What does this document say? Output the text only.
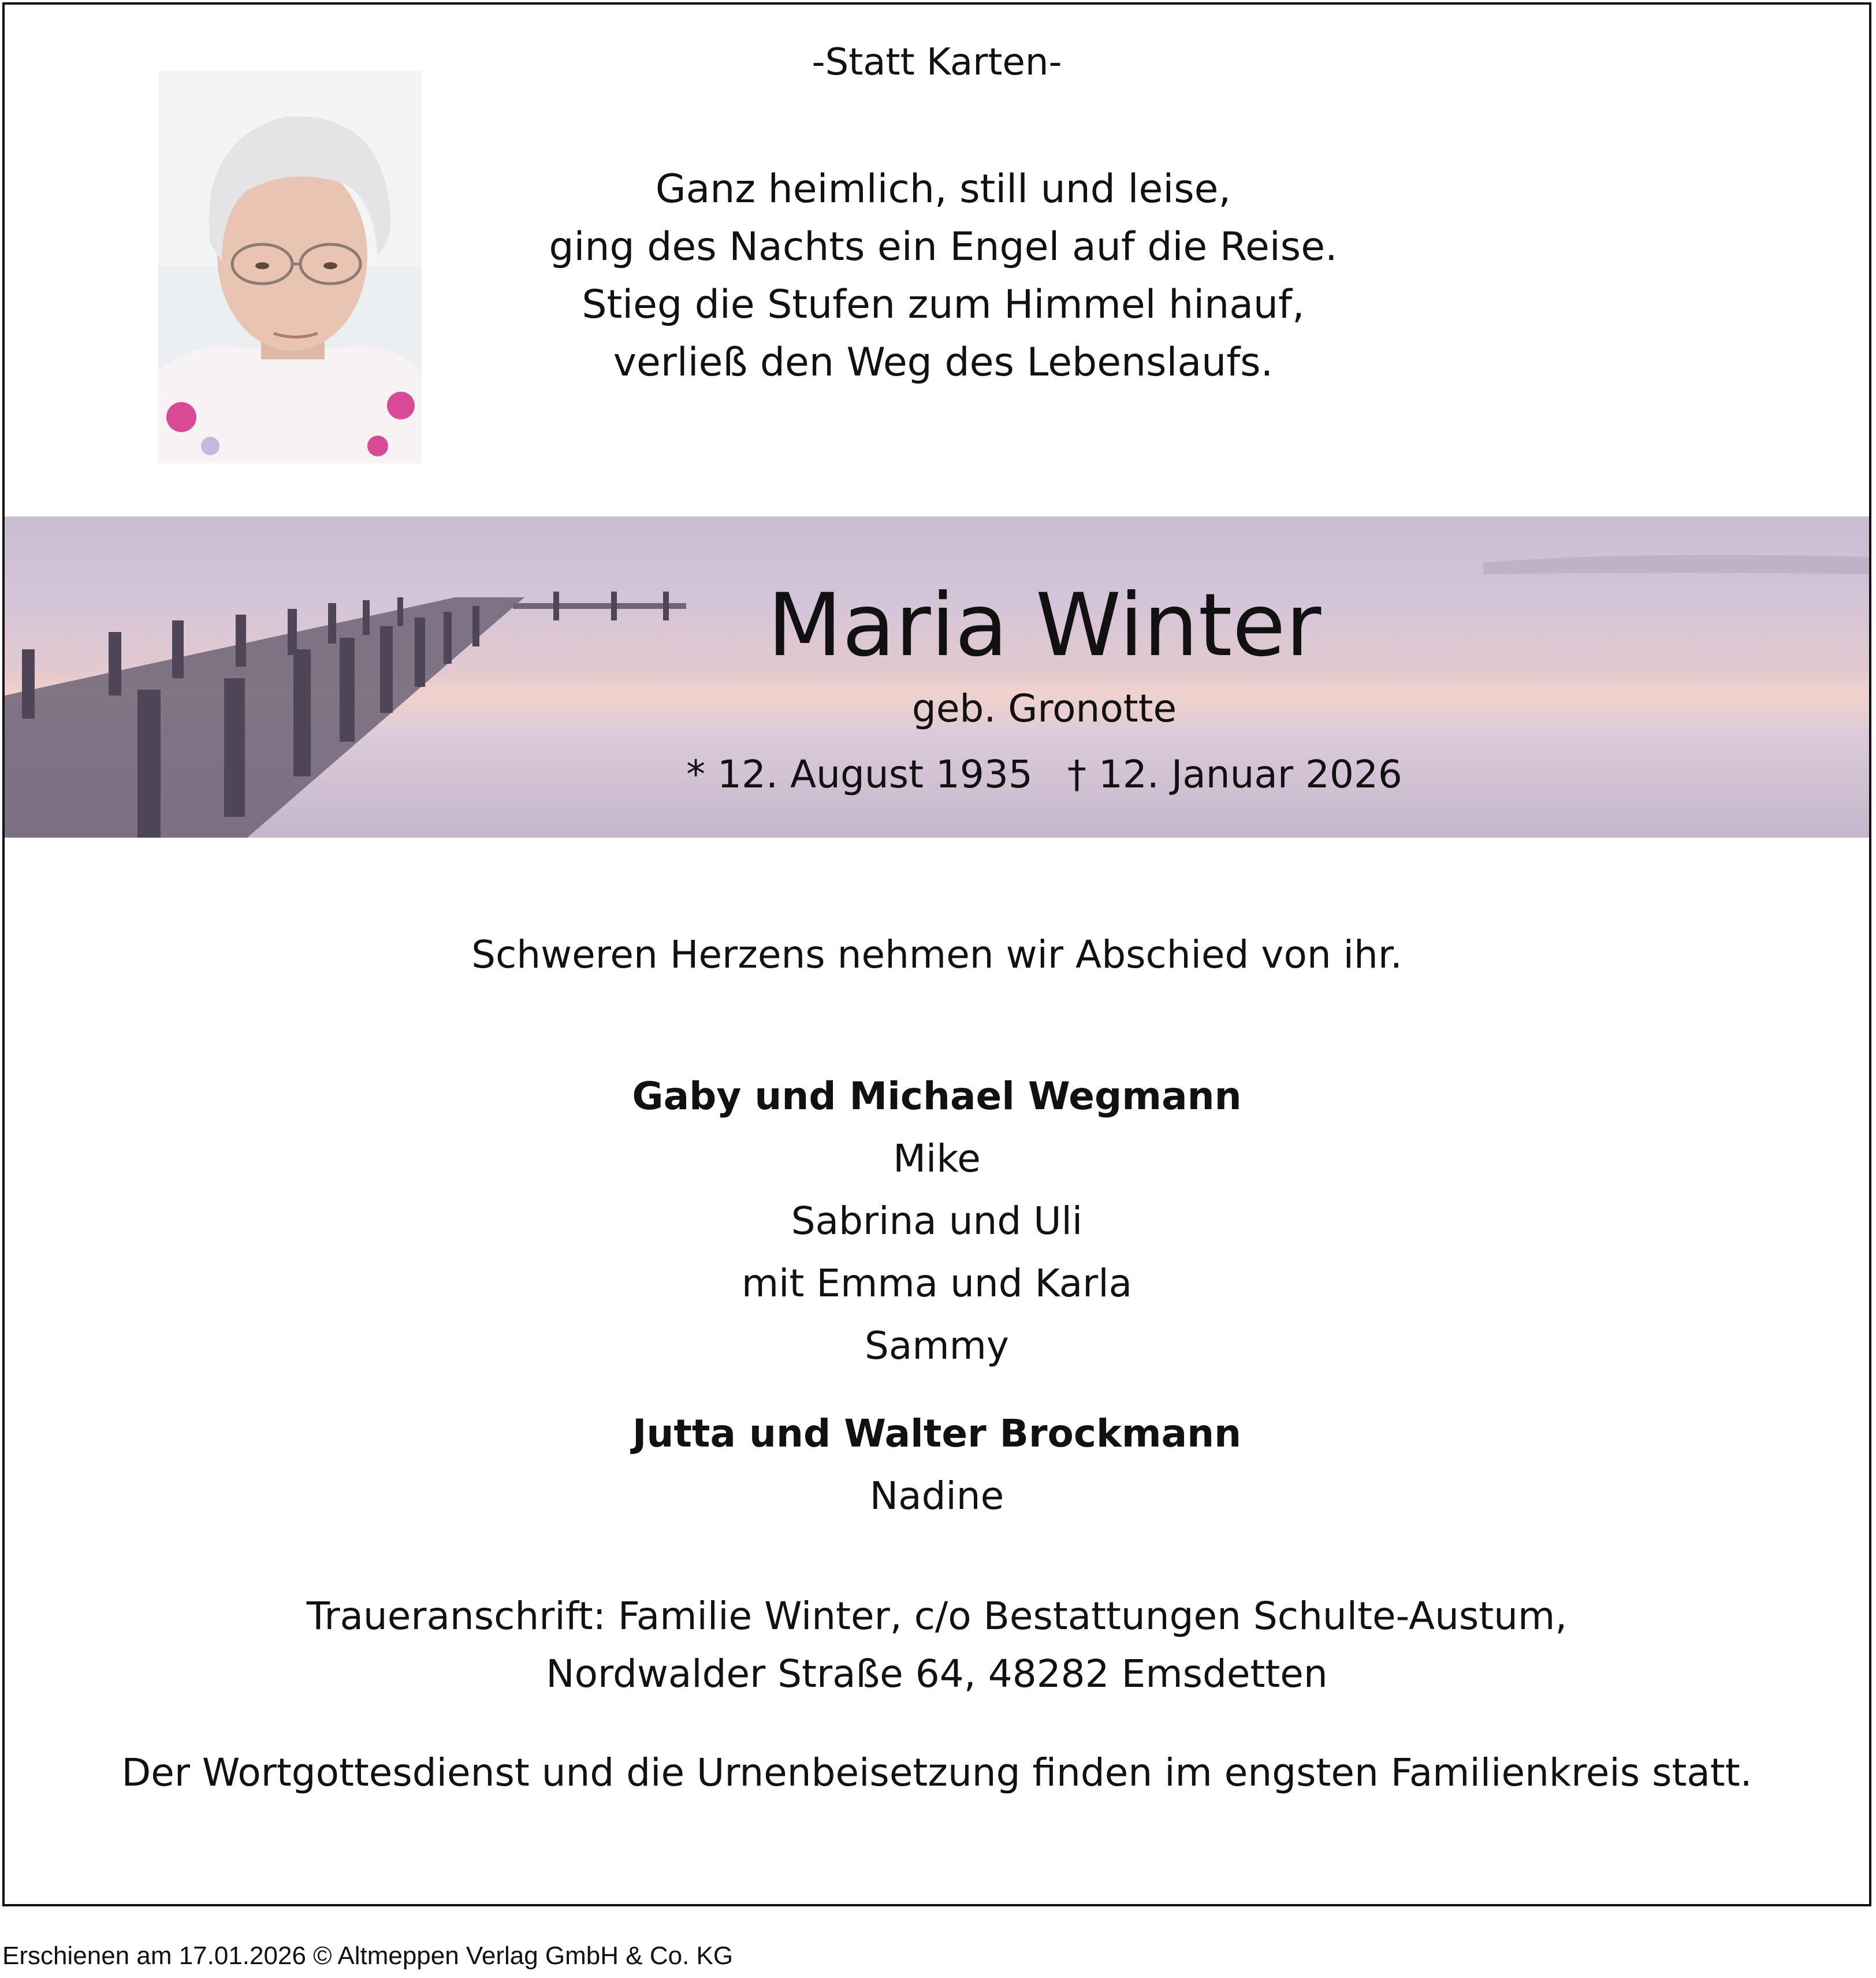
-Statt Karten-
Ganz heimlich, still und leise,
ging des Nachts ein Engel auf die Reise.
Stieg die Stufen zum Himmel hinauf,
verließ den Weg des Lebenslaufs.
Maria Winter
geb. Gronotte
* 12. August 1935 † 12. Januar 2026
Schweren Herzens nehmen wir Abschied von ihr.
Gaby und Michael Wegmann
Mike
Sabrina und Uli
mit Emma und Karla
Sammy
Jutta und Walter Brockmann
Nadine
Traueranschrift: Familie Winter, c/o Bestattungen Schulte-Austum,
Nordwalder Straße 64, 48282 Emsdetten
Der Wortgottesdienst und die Urnenbeisetzung finden im engsten Familienkreis statt.
Erschienen am 17.01.2026 © Altmeppen Verlag GmbH & Co. KG
